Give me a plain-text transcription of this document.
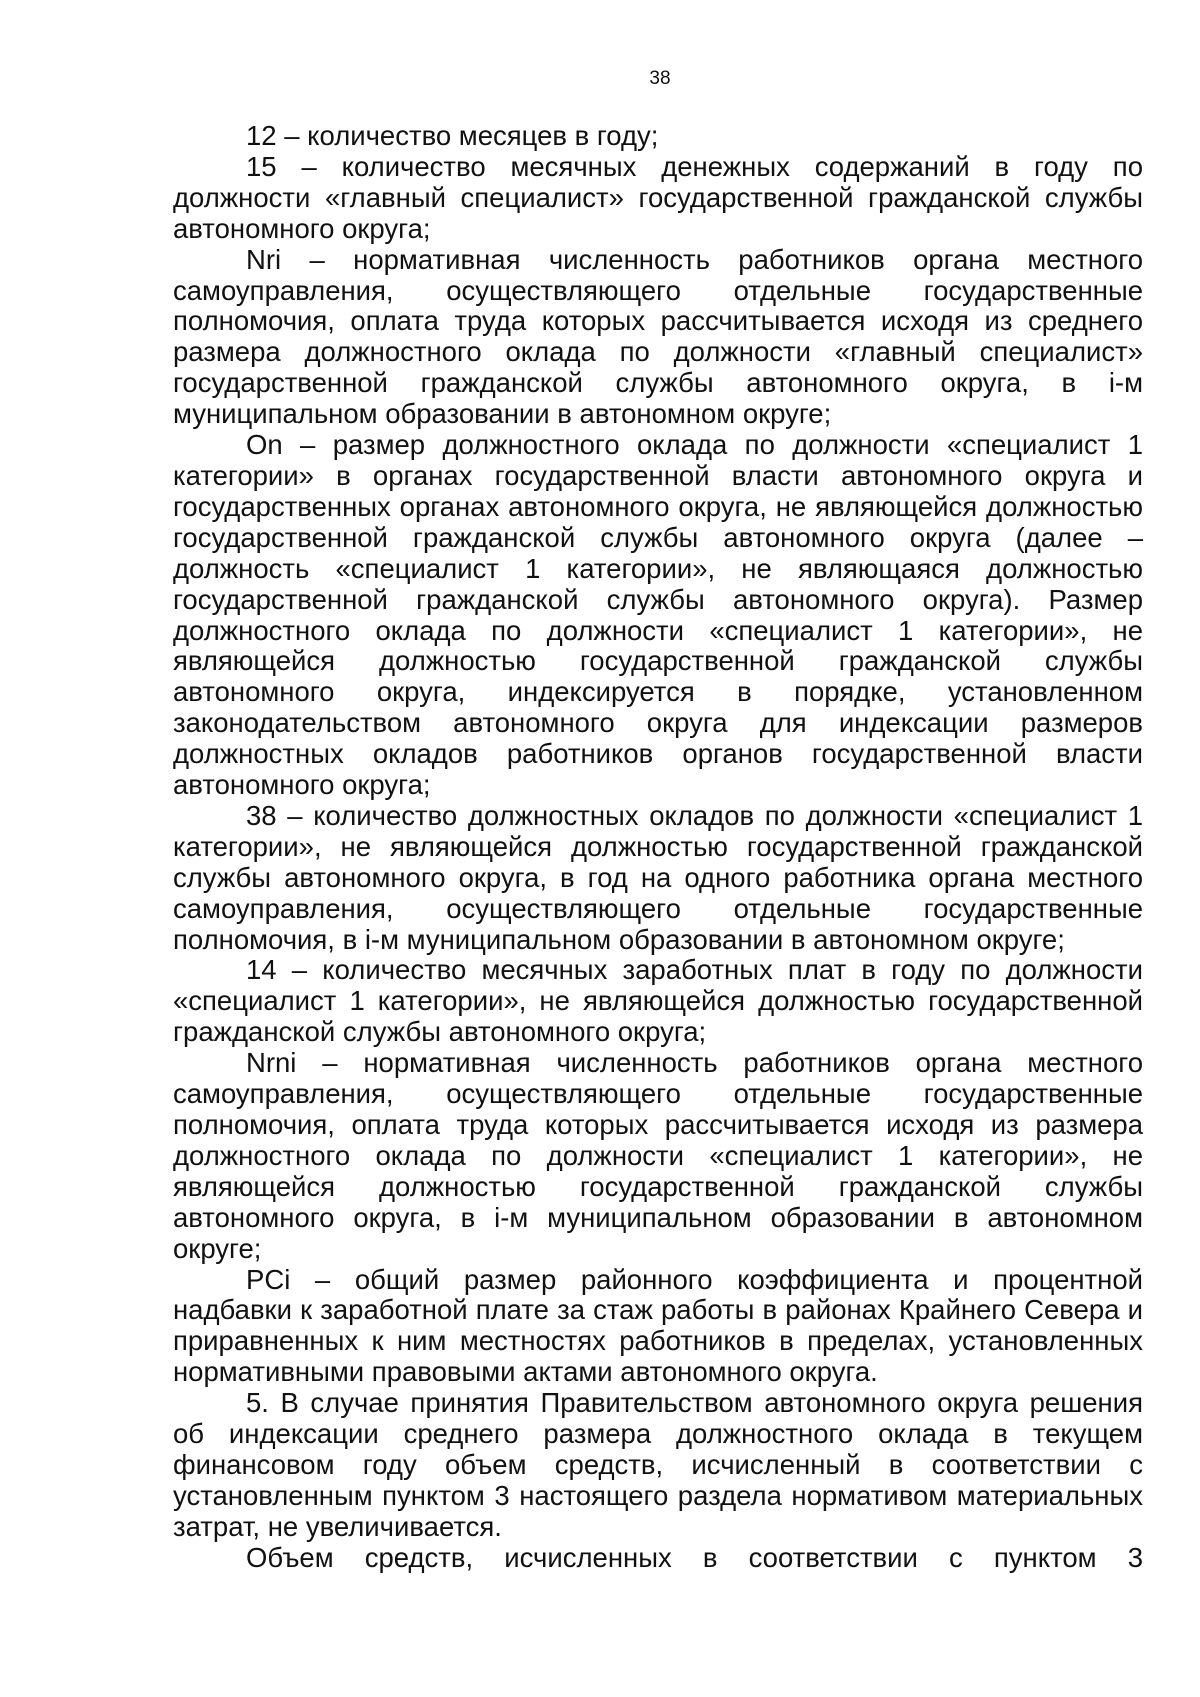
38

12 – количество месяцев в году;

15 – количество месячных денежных содержаний в году по должности «главный специалист» государственной гражданской службы автономного округа;

Nri – нормативная численность работников органа местного самоуправления, осуществляющего отдельные государственные полномочия, оплата труда которых рассчитывается исходя из среднего размера должностного оклада по должности «главный специалист» государственной гражданской службы автономного округа, в i-м муниципальном образовании в автономном округе;

On – размер должностного оклада по должности «специалист 1 категории» в органах государственной власти автономного округа и государственных органах автономного округа, не являющейся должностью государственной гражданской службы автономного округа (далее – должность «специалист 1 категории», не являющаяся должностью государственной гражданской службы автономного округа). Размер должностного оклада по должности «специалист 1 категории», не являющейся должностью государственной гражданской службы автономного округа, индексируется в порядке, установленном законодательством автономного округа для индексации размеров должностных окладов работников органов государственной власти автономного округа;

38 – количество должностных окладов по должности «специалист 1 категории», не являющейся должностью государственной гражданской службы автономного округа, в год на одного работника органа местного самоуправления, осуществляющего отдельные государственные полномочия, в i-м муниципальном образовании в автономном округе;

14 – количество месячных заработных плат в году по должности «специалист 1 категории», не являющейся должностью государственной гражданской службы автономного округа;

Nrni – нормативная численность работников органа местного самоуправления, осуществляющего отдельные государственные полномочия, оплата труда которых рассчитывается исходя из размера должностного оклада по должности «специалист 1 категории», не являющейся должностью государственной гражданской службы автономного округа, в i-м муниципальном образовании в автономном округе;

PCi – общий размер районного коэффициента и процентной надбавки к заработной плате за стаж работы в районах Крайнего Севера и приравненных к ним местностях работников в пределах, установленных нормативными правовыми актами автономного округа.

5. В случае принятия Правительством автономного округа решения об индексации среднего размера должностного оклада в текущем финансовом году объем средств, исчисленный в соответствии с установленным пунктом 3 настоящего раздела нормативом материальных затрат, не увеличивается.

Объем средств, исчисленных в соответствии с пунктом 3
